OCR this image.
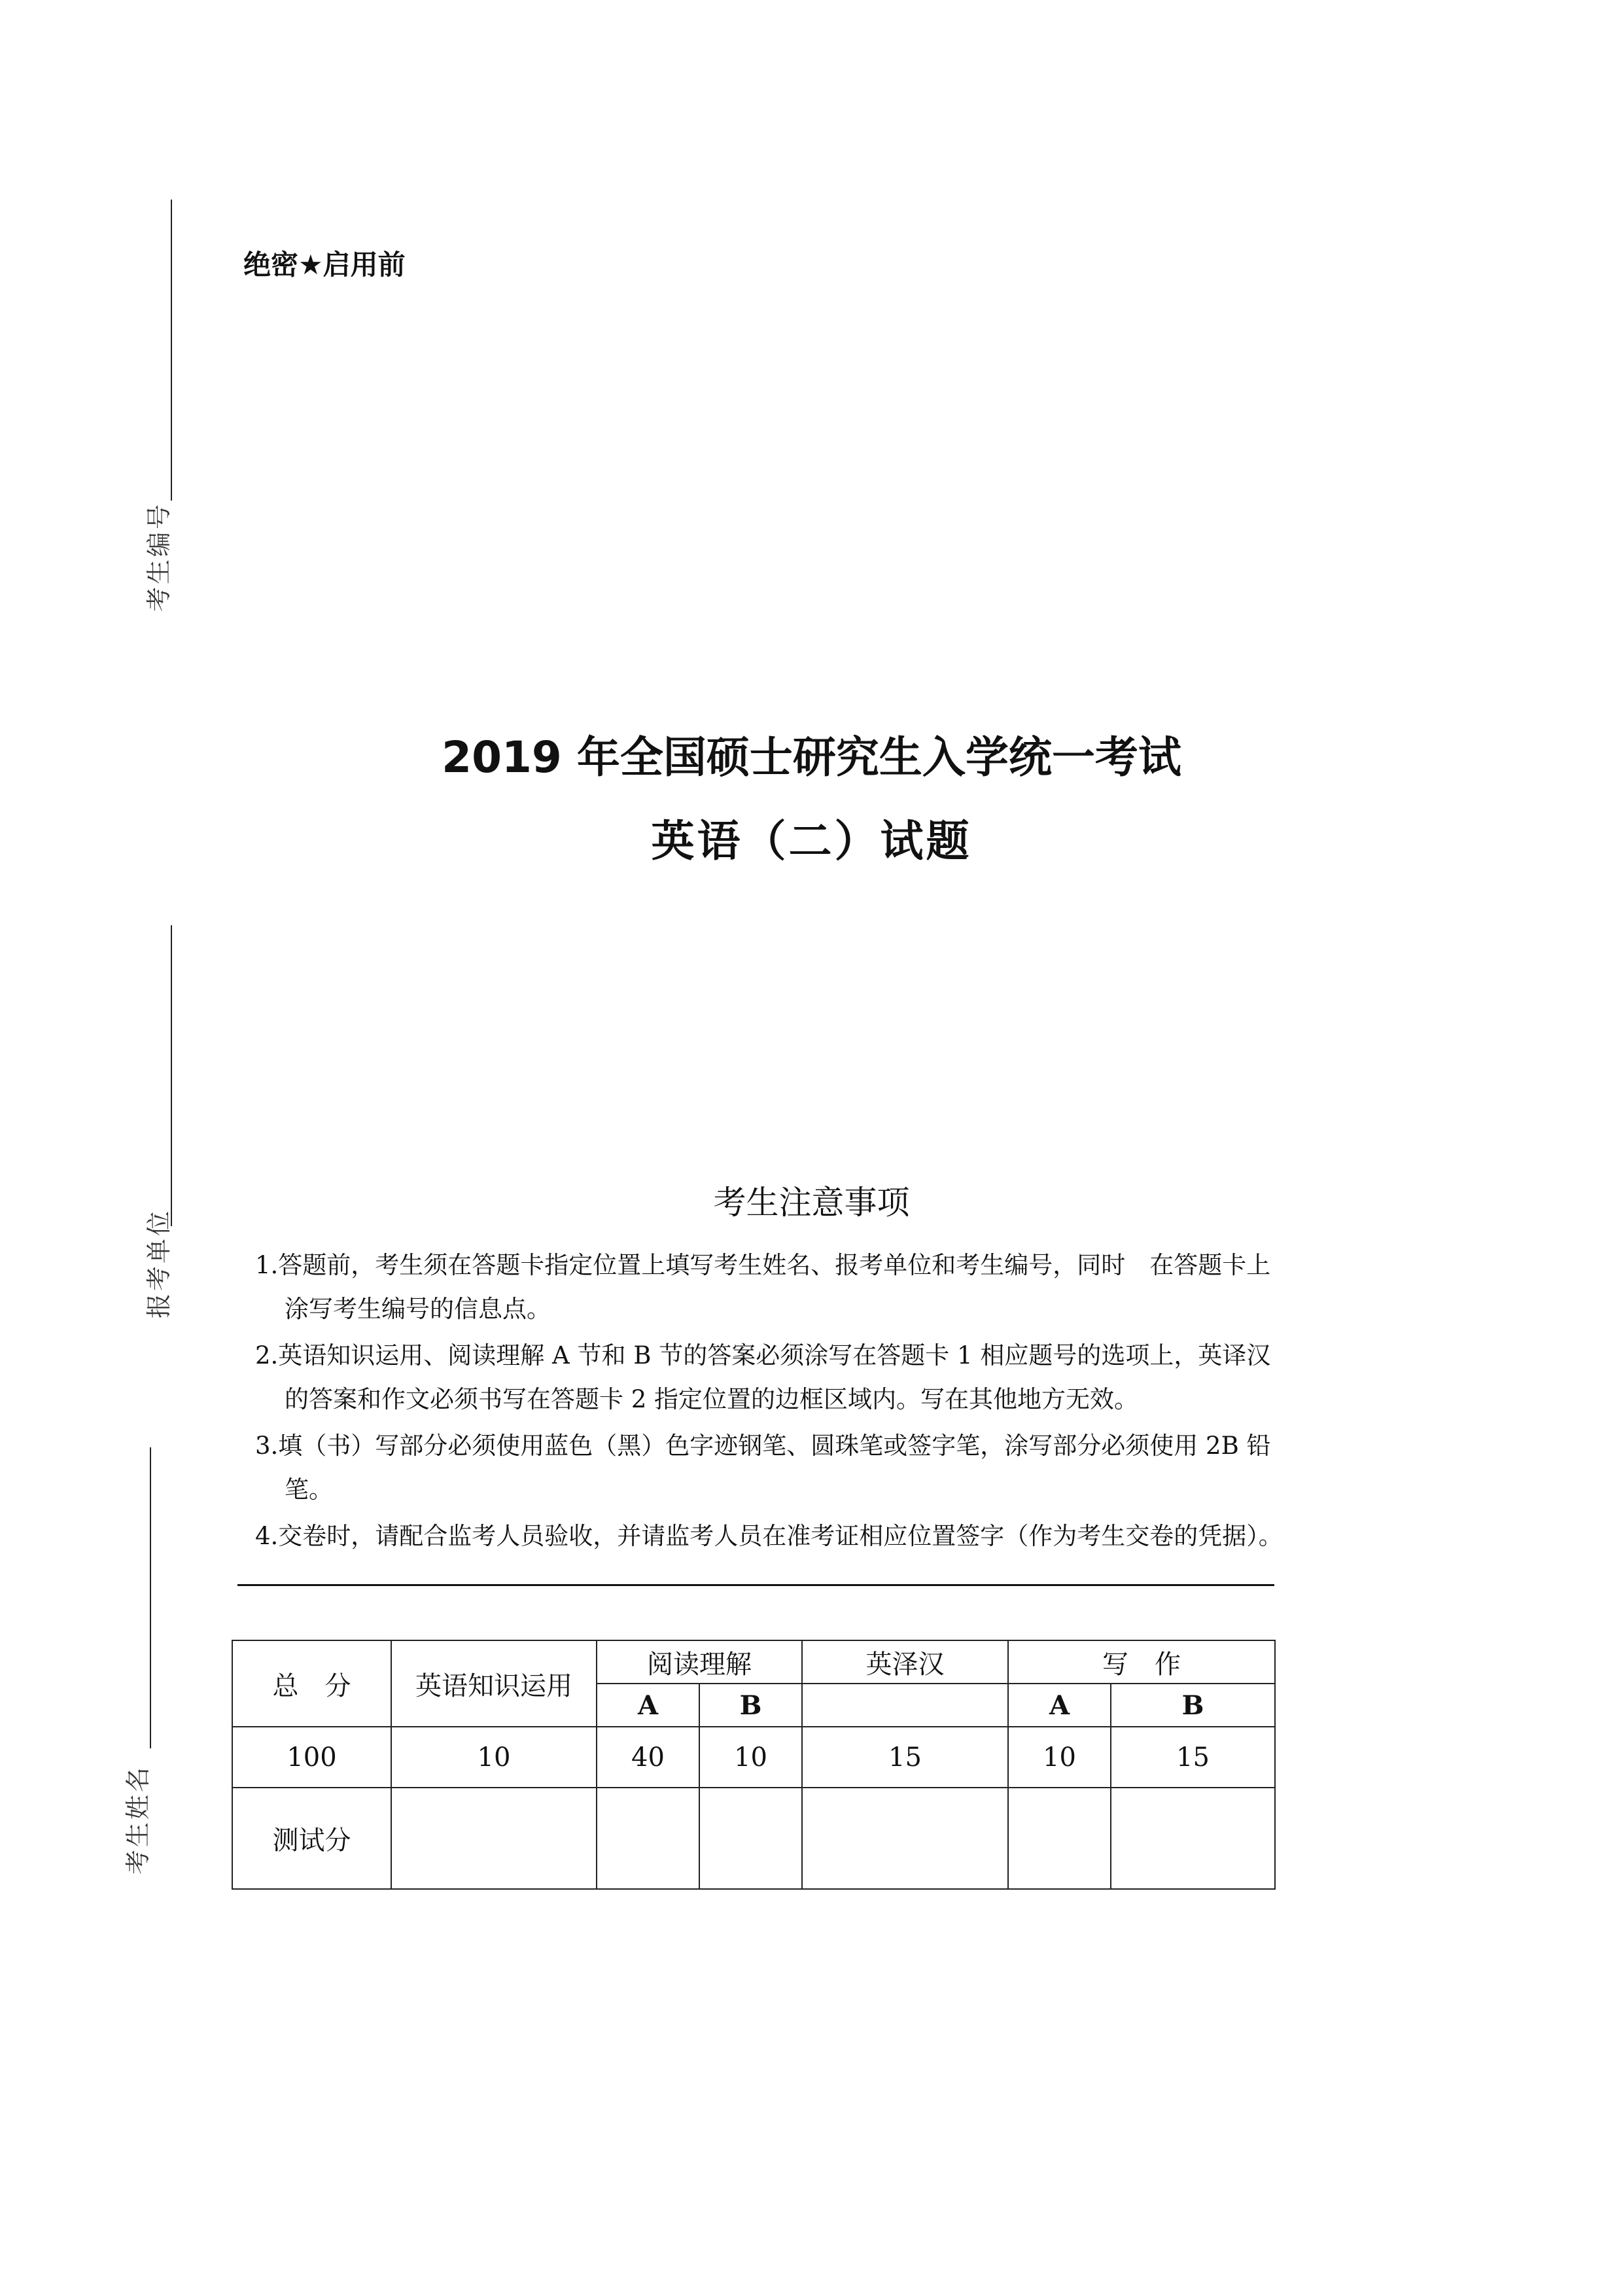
考生编号
报考单位
考生姓名
绝密★启用前
2019 年全国硕士研究生入学统一考试
英语（二）试题
考生注意事项

1.答题前，考生须在答题卡指定位置上填写考生姓名、报考单位和考生编号，同时　在答题卡上涂写考生编号的信息点。

2.英语知识运用、阅读理解 A 节和 B 节的答案必须涂写在答题卡 1 相应题号的选项上，英译汉的答案和作文必须书写在答题卡 2 指定位置的边框区域内。写在其他地方无效。

3.填（书）写部分必须使用蓝色（黑）色字迹钢笔、圆珠笔或签字笔，涂写部分必须使用 2B 铅笔。

4.交卷时，请配合监考人员验收，并请监考人员在准考证相应位置签字（作为考生交卷的凭据）。

总　分	英语知识运用	阅读理解		英泽汉	写　作	
		A	B		A	B
100	10	40	10	15	10	15
测试分						
